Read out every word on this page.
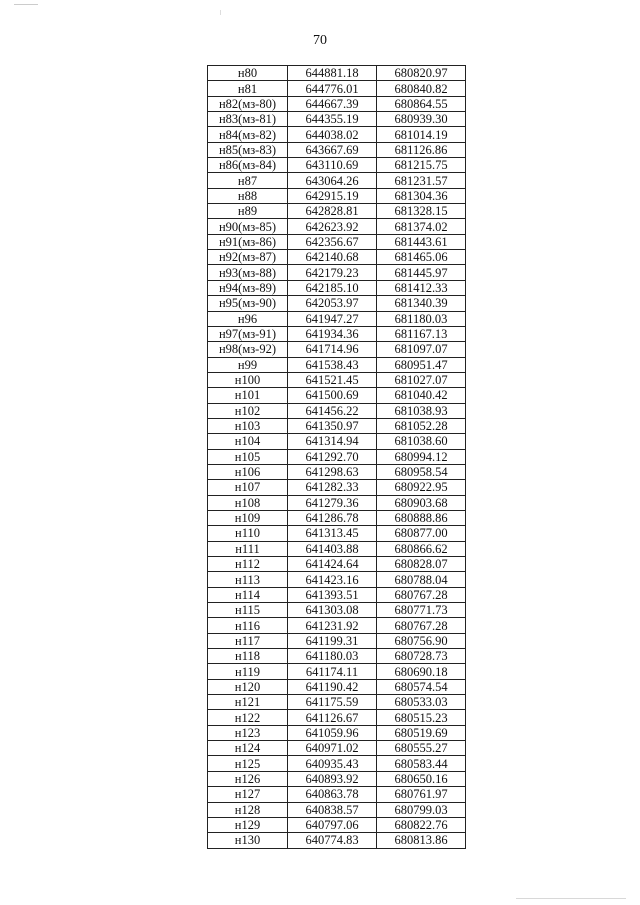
70
н80	644881.18	680820.97
н81	644776.01	680840.82
н82(мз-80)	644667.39	680864.55
н83(мз-81)	644355.19	680939.30
н84(мз-82)	644038.02	681014.19
н85(мз-83)	643667.69	681126.86
н86(мз-84)	643110.69	681215.75
н87	643064.26	681231.57
н88	642915.19	681304.36
н89	642828.81	681328.15
н90(мз-85)	642623.92	681374.02
н91(мз-86)	642356.67	681443.61
н92(мз-87)	642140.68	681465.06
н93(мз-88)	642179.23	681445.97
н94(мз-89)	642185.10	681412.33
н95(мз-90)	642053.97	681340.39
н96	641947.27	681180.03
н97(мз-91)	641934.36	681167.13
н98(мз-92)	641714.96	681097.07
н99	641538.43	680951.47
н100	641521.45	681027.07
н101	641500.69	681040.42
н102	641456.22	681038.93
н103	641350.97	681052.28
н104	641314.94	681038.60
н105	641292.70	680994.12
н106	641298.63	680958.54
н107	641282.33	680922.95
н108	641279.36	680903.68
н109	641286.78	680888.86
н110	641313.45	680877.00
н111	641403.88	680866.62
н112	641424.64	680828.07
н113	641423.16	680788.04
н114	641393.51	680767.28
н115	641303.08	680771.73
н116	641231.92	680767.28
н117	641199.31	680756.90
н118	641180.03	680728.73
н119	641174.11	680690.18
н120	641190.42	680574.54
н121	641175.59	680533.03
н122	641126.67	680515.23
н123	641059.96	680519.69
н124	640971.02	680555.27
н125	640935.43	680583.44
н126	640893.92	680650.16
н127	640863.78	680761.97
н128	640838.57	680799.03
н129	640797.06	680822.76
н130	640774.83	680813.86
